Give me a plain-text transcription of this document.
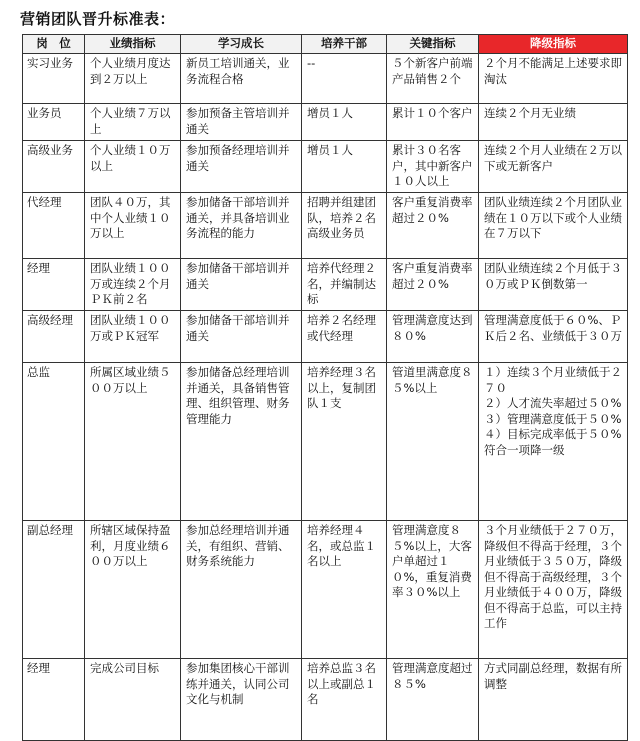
营销团队晋升标准表：
岗　位	业绩指标	学习成长	培养干部	关键指标	降级指标
实习业务	个人业绩月度达到２万以上	新员工培训通关，业务流程合格	--	５个新客户前端产品销售２个	２个月不能满足上述要求即淘汰
业务员	个人业绩７万以上	参加预备主管培训并通关	增员１人	累计１０个客户	连续２个月无业绩
高级业务	个人业绩１０万以上	参加预备经理培训并通关	增员１人	累计３０名客户，其中新客户１０人以上	连续２个月人业绩在２万以下或无新客户
代经理	团队４０万，其中个人业绩１０万以上	参加储备干部培训并通关，并具备培训业务流程的能力	招聘并组建团队，培养２名高级业务员	客户重复消费率超过２０%	团队业绩连续２个月团队业绩在１０万以下或个人业绩在７万以下
经理	团队业绩１００万或连续２个月ＰＫ前２名	参加储备干部培训并通关	培养代经理２名，并编制达标	客户重复消费率超过２０%	团队业绩连续２个月低于３０万或ＰＫ倒数第一
高级经理	团队业绩１００万或ＰＫ冠军	参加储备干部培训并通关	培养２名经理或代经理	管理满意度达到８０%	管理满意度低于６０%、ＰＫ后２名、业绩低于３０万
总监	所属区域业绩５００万以上	参加储备总经理培训并通关，具备销售管理、组织管理、财务管理能力	培养经理３名以上，复制团队１支	管道里满意度８５%以上	１）连续３个月业绩低于２７０
２）人才流失率超过５０%
３）管理满意度低于５０%
４）目标完成率低于５０%
符合一项降一级
副总经理	所辖区域保持盈利，月度业绩６００万以上	参加总经理培训并通关，有组织、营销、财务系统能力	培养经理４名，或总监１名以上	管理满意度８５%以上，大客户单超过１０%，重复消费率３０%以上	３个月业绩低于２７０万，降级但不得高于经理，３个月业绩低于３５０万，降级但不得高于高级经理，３个月业绩低于４００万，降级但不得高于总监，可以主持工作
经理	完成公司目标	参加集团核心干部训练并通关，认同公司文化与机制	培养总监３名以上或副总１名	管理满意度超过８５%	方式同副总经理，数据有所调整
